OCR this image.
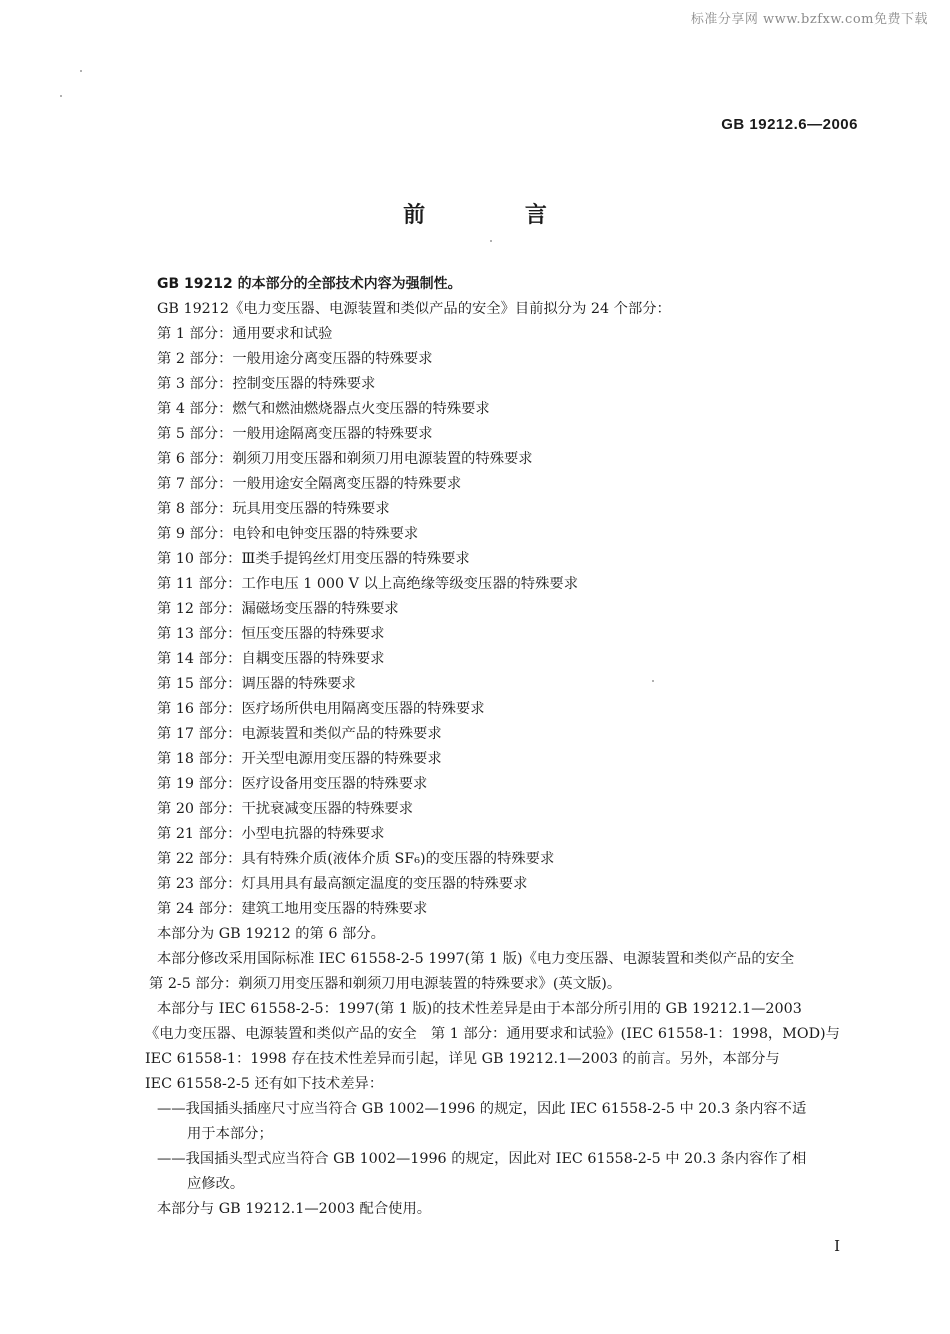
标准分享网 www.bzfxw.com免费下载
GB 19212.6—2006
前 言
GB 19212 的本部分的全部技术内容为强制性。
GB 19212《电力变压器、电源装置和类似产品的安全》目前拟分为 24 个部分：
第 1 部分：通用要求和试验
第 2 部分：一般用途分离变压器的特殊要求
第 3 部分：控制变压器的特殊要求
第 4 部分：燃气和燃油燃烧器点火变压器的特殊要求
第 5 部分：一般用途隔离变压器的特殊要求
第 6 部分：剃须刀用变压器和剃须刀用电源装置的特殊要求
第 7 部分：一般用途安全隔离变压器的特殊要求
第 8 部分：玩具用变压器的特殊要求
第 9 部分：电铃和电钟变压器的特殊要求
第 10 部分：Ⅲ类手提钨丝灯用变压器的特殊要求
第 11 部分：工作电压 1 000 V 以上高绝缘等级变压器的特殊要求
第 12 部分：漏磁场变压器的特殊要求
第 13 部分：恒压变压器的特殊要求
第 14 部分：自耦变压器的特殊要求
第 15 部分：调压器的特殊要求
第 16 部分：医疗场所供电用隔离变压器的特殊要求
第 17 部分：电源装置和类似产品的特殊要求
第 18 部分：开关型电源用变压器的特殊要求
第 19 部分：医疗设备用变压器的特殊要求
第 20 部分：干扰衰减变压器的特殊要求
第 21 部分：小型电抗器的特殊要求
第 22 部分：具有特殊介质(液体介质 SF₆)的变压器的特殊要求
第 23 部分：灯具用具有最高额定温度的变压器的特殊要求
第 24 部分：建筑工地用变压器的特殊要求
本部分为 GB 19212 的第 6 部分。
本部分修改采用国际标准 IEC 61558-2-5 1997(第 1 版)《电力变压器、电源装置和类似产品的安全
第 2-5 部分：剃须刀用变压器和剃须刀用电源装置的特殊要求》(英文版)。
本部分与 IEC 61558-2-5：1997(第 1 版)的技术性差异是由于本部分所引用的 GB 19212.1—2003
《电力变压器、电源装置和类似产品的安全　第 1 部分：通用要求和试验》(IEC 61558-1：1998，MOD)与
IEC 61558-1：1998 存在技术性差异而引起，详见 GB 19212.1—2003 的前言。另外，本部分与
IEC 61558-2-5 还有如下技术差异：
——我国插头插座尺寸应当符合 GB 1002—1996 的规定，因此 IEC 61558-2-5 中 20.3 条内容不适
用于本部分；
——我国插头型式应当符合 GB 1002—1996 的规定，因此对 IEC 61558-2-5 中 20.3 条内容作了相
应修改。
本部分与 GB 19212.1—2003 配合使用。
I
